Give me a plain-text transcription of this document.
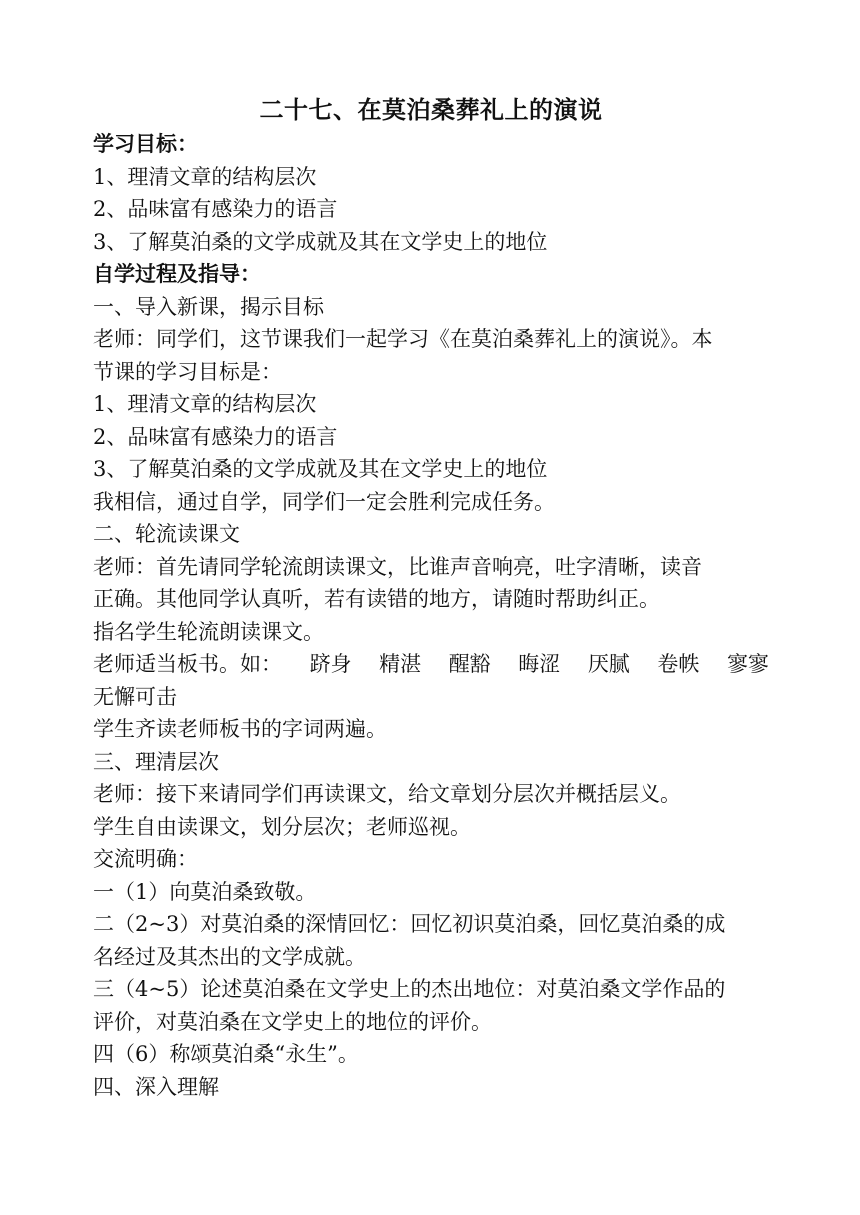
二十七、在莫泊桑葬礼上的演说

学习目标：

1、理清文章的结构层次

2、品味富有感染力的语言

3、了解莫泊桑的文学成就及其在文学史上的地位

自学过程及指导：

一、导入新课，揭示目标

老师：同学们，这节课我们一起学习《在莫泊桑葬礼上的演说》。本

节课的学习目标是：

1、理清文章的结构层次

2、品味富有感染力的语言

3、了解莫泊桑的文学成就及其在文学史上的地位

我相信，通过自学，同学们一定会胜利完成任务。

二、轮流读课文

老师：首先请同学轮流朗读课文，比谁声音响亮，吐字清晰，读音

正确。其他同学认真听，若有读错的地方，请随时帮助纠正。

指名学生轮流朗读课文。

老师适当板书。如： 跻身 精湛 醒豁 晦涩 厌腻 卷帙 寥寥

无懈可击

学生齐读老师板书的字词两遍。

三、理清层次

老师：接下来请同学们再读课文，给文章划分层次并概括层义。

学生自由读课文，划分层次；老师巡视。

交流明确：

一（1）向莫泊桑致敬。

二（2~3）对莫泊桑的深情回忆：回忆初识莫泊桑，回忆莫泊桑的成

名经过及其杰出的文学成就。

三（4~5）论述莫泊桑在文学史上的杰出地位：对莫泊桑文学作品的

评价，对莫泊桑在文学史上的地位的评价。

四（6）称颂莫泊桑“永生”。

四、深入理解
